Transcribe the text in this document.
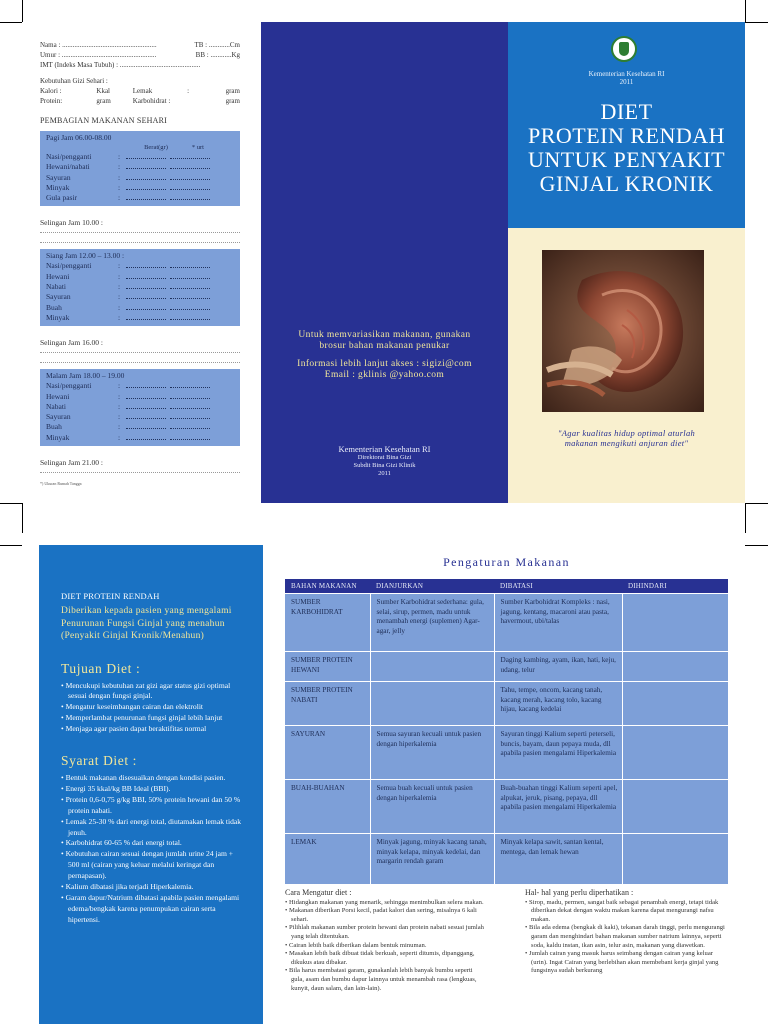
Nama : ......................................................	TB : ............Cm
Umur : ......................................................	BB : ............Kg
IMT (Indeks Masa Tubuh) : ..............................................
Kebutuhan Gizi Sehari :
Kalori :	Kkal	Lemak	:	gram
Protein:	gram	Karbohidrat :	gram
PEMBAGIAN MAKANAN SEHARI
Pagi Jam 06.00-08.00
Berat(gr)	* urt
Nasi/pengganti	:
Hewani/nabati	:
Sayuran	:
Minyak	:
Gula pasir	:
Selingan Jam 10.00 :
Siang Jam 12.00 – 13.00 :
Nasi/pengganti	:
Hewani	:
Nabati	:
Sayuran	:
Buah	:
Minyak	:
Selingan Jam 16.00 :
Malam Jam 18.00 – 19.00
Nasi/pengganti	:
Hewani	:
Nabati	:
Sayuran	:
Buah	:
Minyak	:
Selingan Jam 21.00 :
*) Ukuran Rumah Tangga
Untuk memvariasikan makanan, gunakan
brosur bahan makanan penukar
Informasi lebih lanjut akses : sigizi@com
Email : gklinis @yahoo.com
Kementerian Kesehatan RI
Direktorat Bina Gizi
Subdit Bina Gizi Klinik
2011
Kementerian Kesehatan RI
2011
DIET
PROTEIN RENDAH
UNTUK PENYAKIT
GINJAL KRONIK
"Agar kualitas hidup optimal aturlah
makanan mengikuti anjuran diet"
DIET PROTEIN RENDAH
Diberikan kepada pasien yang mengalami Penurunan Fungsi Ginjal yang menahun (Penyakit Ginjal Kronik/Menahun)
Tujuan Diet :
• Mencukupi kebutuhan zat gizi agar status gizi optimal sesuai dengan fungsi ginjal.
• Mengatur keseimbangan cairan dan elektrolit
• Memperlambat penurunan fungsi ginjal lebih lanjut
• Menjaga agar pasien dapat beraktifitas normal
Syarat Diet :
• Bentuk makanan disesuaikan dengan kondisi pasien.
• Energi 35 kkal/kg BB Ideal (BBI).
• Protein 0,6-0,75 g/kg BBI, 50% protein hewani dan 50 % protein nabati.
• Lemak 25-30 % dari energi total, diutamakan lemak tidak jenuh.
• Karbohidrat 60-65 % dari energi total.
• Kebutuhan cairan sesuai dengan jumlah urine 24 jam + 500 ml (cairan yang keluar melalui keringat dan pernapasan).
• Kalium dibatasi jika terjadi Hiperkalemia.
• Garam dapur/Natrium dibatasi apabila pasien mengalami edema/bengkak karena penumpukan cairan serta hipertensi.
Pengaturan Makanan
BAHAN MAKANAN	DIANJURKAN	DIBATASI	DIHINDARI
SUMBER KARBOHIDRAT	Sumber Karbohidrat sederhana: gula, selai, sirup, permen, madu untuk menambah energi (suplemen) Agar-agar, jelly	Sumber Karbohidrat Kompleks : nasi, jagung, kentang, macaroni atau pasta, havermout, ubi/talas	
SUMBER PROTEIN HEWANI		Daging kambing, ayam, ikan, hati, keju, udang, telur	
SUMBER PROTEIN NABATI		Tahu, tempe, oncom, kacang tanah, kacang merah, kacang tolo, kacang hijau, kacang kedelai	
SAYURAN	Semua sayuran kecuali untuk pasien dengan hiperkalemia	Sayuran tinggi Kalium seperti peterseli, buncis, bayam, daun pepaya muda, dll apabila pasien mengalami Hiperkalemia	
BUAH-BUAHAN	Semua buah kecuali untuk pasien dengan hiperkalemia	Buah-buahan tinggi Kalium seperti apel, alpukat, jeruk, pisang, pepaya, dll apabila pasien mengalami Hiperkalemia	
LEMAK	Minyak jagung, minyak kacang tanah, minyak kelapa, minyak kedelai, dan margarin rendah garam	Minyak kelapa sawit, santan kental, mentega, dan lemak hewan	
Cara Mengatur diet :
• Hidangkan makanan yang menarik, sehingga menimbulkan selera makan.
• Makanan diberikan Porsi kecil, padat kalori dan sering, misalnya 6 kali sehari.
• Pilihlah makanan sumber protein hewani dan protein nabati sesuai jumlah yang telah ditentukan.
• Cairan lebih baik diberikan dalam bentuk minuman.
• Masakan lebih baik dibuat tidak berkuah, seperti ditumis, dipanggang, dikukus atau dibakar.
• Bila harus membatasi garam, gunakanlah lebih banyak bumbu seperti gula, asam dan bumbu dapur lainnya untuk menambah rasa (lengkuas, kunyit, daun salam, dan lain-lain).
Hal- hal yang perlu diperhatikan :
• Sirop, madu, permen, sangat baik sebagai penambah energi, tetapi tidak diberikan dekat dengan waktu makan karena dapat mengurangi nafsu makan.
• Bila ada edema (bengkak di kaki), tekanan darah tinggi, perlu mengurangi garam dan menghindari bahan makanan sumber natrium lainnya, seperti soda, kaldu instan, ikan asin, telur asin, makanan yang diawetkan.
• Jumlah cairan yang masuk harus seimbang dengan cairan yang keluar (urin). Ingat Cairan yang berlebihan akan membebani kerja ginjal yang fungsinya sudah berkurang
